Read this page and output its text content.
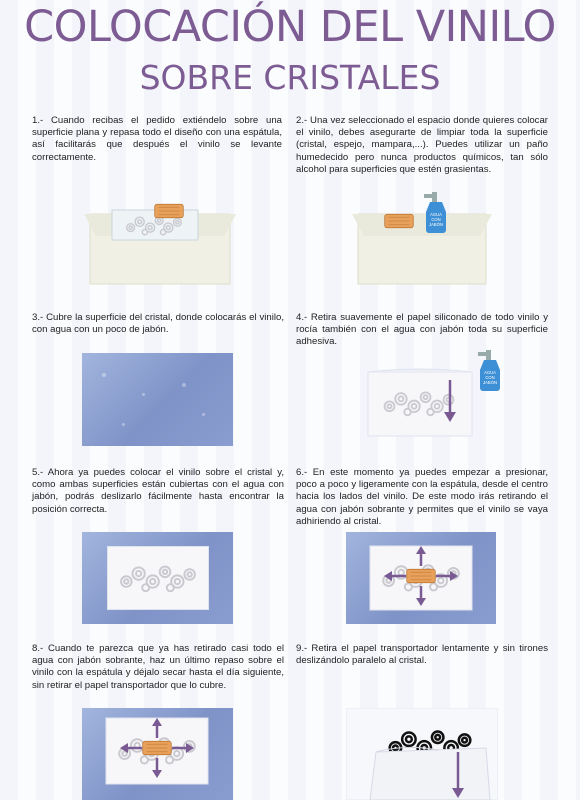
COLOCACIÓN DEL VINILO
SOBRE CRISTALES

1.- Cuando recibas el pedido extiéndelo sobre una superficie plana y repasa todo el diseño con una espátula, así facilitarás que después el vinilo se levante correctamente.

2.- Una vez seleccionado el espacio donde quieres colocar el vinilo, debes asegurarte de limpiar toda la superficie (cristal, espejo, mampara,...). Puedes utilizar un paño humedecido pero nunca productos químicos, tan sólo alcohol para superficies que estén grasientas.

AGUA
CON
JABÓN

3.- Cubre la superficie del cristal, donde colocarás el vinilo, con agua con un poco de jabón.

4.- Retira suavemente el papel siliconado de todo vinilo y rocía también con el agua con jabón toda su superficie adhesiva.

AGUA
CON
JABÓN

5.- Ahora ya puedes colocar el vinilo sobre el cristal y, como ambas superficies están cubiertas con el agua con jabón, podrás deslizarlo fácilmente hasta encontrar la posición correcta.

6.- En este momento ya puedes empezar a presionar, poco a poco y ligeramente con la espátula, desde el centro hacia los lados del vinilo. De este modo irás retirando el agua con jabón sobrante y permites que el vinilo se vaya adhiriendo al cristal.

8.- Cuando te parezca que ya has retirado casi todo el agua con jabón sobrante, haz un último repaso sobre el vinilo con la espátula y déjalo secar hasta el día siguiente, sin retirar el papel transportador que lo cubre.

9.- Retira el papel transportador lentamente y sin tirones deslizándolo paralelo al cristal.
